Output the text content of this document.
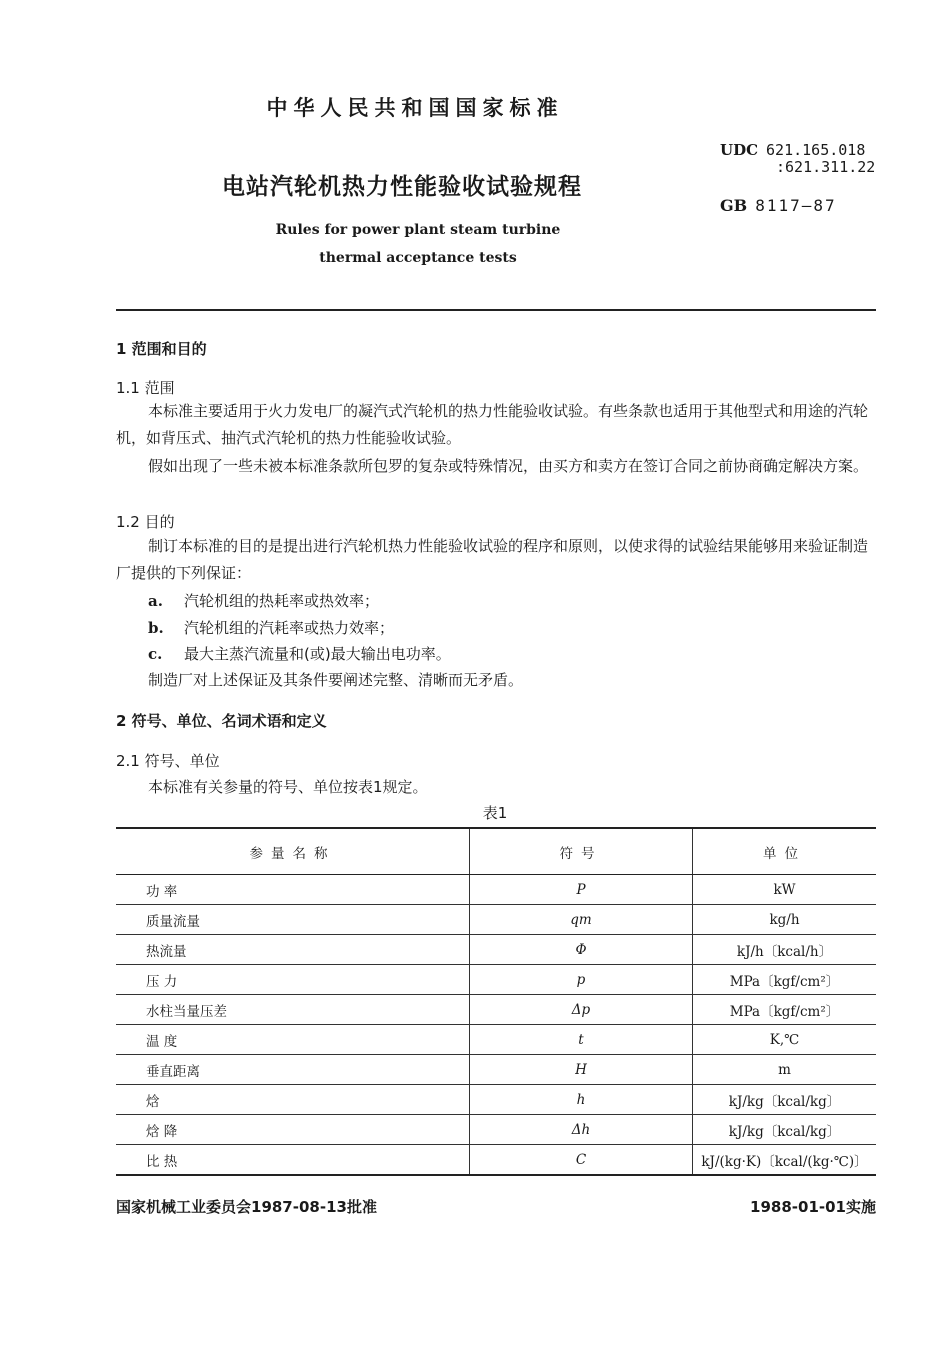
中华人民共和国国家标准
UDC 621.165.018
:621.311.22
电站汽轮机热力性能验收试验规程
GB 8117—87
Rules for power plant steam turbine
thermal acceptance tests
1 范围和目的
1.1 范围
本标准主要适用于火力发电厂的凝汽式汽轮机的热力性能验收试验。有些条款也适用于其他型式和用途的汽轮机，如背压式、抽汽式汽轮机的热力性能验收试验。
假如出现了一些未被本标准条款所包罗的复杂或特殊情况，由买方和卖方在签订合同之前协商确定解决方案。
1.2 目的
制订本标准的目的是提出进行汽轮机热力性能验收试验的程序和原则，以使求得的试验结果能够用来验证制造厂提供的下列保证：
a. 汽轮机组的热耗率或热效率；
b. 汽轮机组的汽耗率或热力效率；
c. 最大主蒸汽流量和(或)最大输出电功率。
制造厂对上述保证及其条件要阐述完整、清晰而无矛盾。
2 符号、单位、名词术语和定义
2.1 符号、单位
本标准有关参量的符号、单位按表1规定。
表1
参量名称	符号	单位
功 率	P	kW
质量流量	qm	kg/h
热流量	Φ	kJ/h〔kcal/h〕
压 力	p	MPa〔kgf/cm²〕
水柱当量压差	Δp	MPa〔kgf/cm²〕
温 度	t	K,℃
垂直距离	H	m
焓	h	kJ/kg〔kcal/kg〕
焓 降	Δh	kJ/kg〔kcal/kg〕
比 热	C	kJ/(kg·K)〔kcal/(kg·℃)〕
国家机械工业委员会1987-08-13批准	1988-01-01实施
